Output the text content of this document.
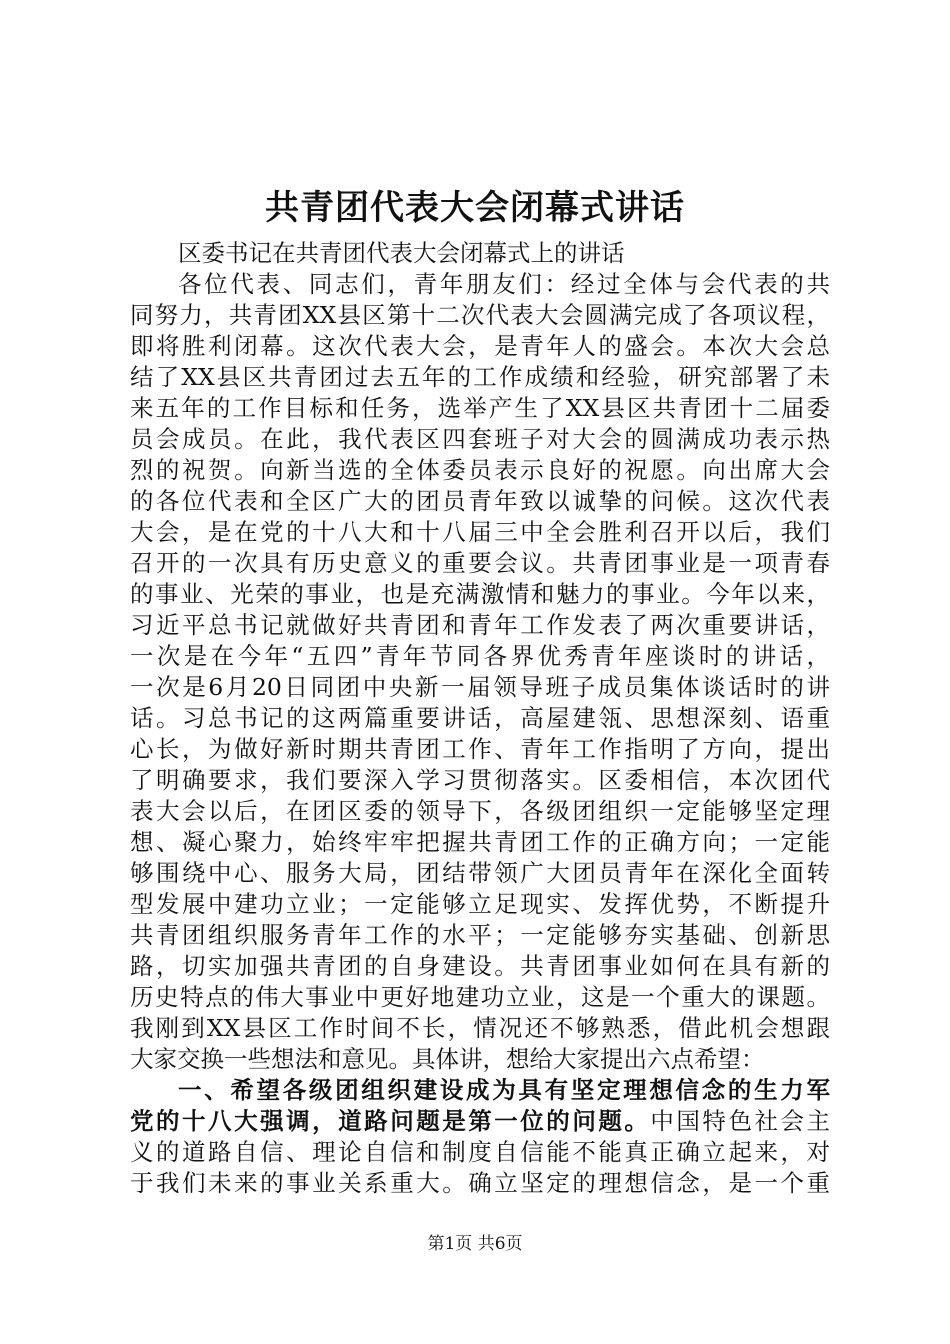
共青团代表大会闭幕式讲话
区委书记在共青团代表大会闭幕式上的讲话
各位代表、同志们，青年朋友们：经过全体与会代表的共
同努力，共青团XX县区第十二次代表大会圆满完成了各项议程，
即将胜利闭幕。这次代表大会，是青年人的盛会。本次大会总
结了XX县区共青团过去五年的工作成绩和经验，研究部署了未
来五年的工作目标和任务，选举产生了XX县区共青团十二届委
员会成员。在此，我代表区四套班子对大会的圆满成功表示热
烈的祝贺。向新当选的全体委员表示良好的祝愿。向出席大会
的各位代表和全区广大的团员青年致以诚挚的问候。这次代表
大会，是在党的十八大和十八届三中全会胜利召开以后，我们
召开的一次具有历史意义的重要会议。共青团事业是一项青春
的事业、光荣的事业，也是充满激情和魅力的事业。今年以来，
习近平总书记就做好共青团和青年工作发表了两次重要讲话，
一次是在今年“五四”青年节同各界优秀青年座谈时的讲话，
一次是6月20日同团中央新一届领导班子成员集体谈话时的讲
话。习总书记的这两篇重要讲话，高屋建瓴、思想深刻、语重
心长，为做好新时期共青团工作、青年工作指明了方向，提出
了明确要求，我们要深入学习贯彻落实。区委相信，本次团代
表大会以后，在团区委的领导下，各级团组织一定能够坚定理
想、凝心聚力，始终牢牢把握共青团工作的正确方向；一定能
够围绕中心、服务大局，团结带领广大团员青年在深化全面转
型发展中建功立业；一定能够立足现实、发挥优势，不断提升
共青团组织服务青年工作的水平；一定能够夯实基础、创新思
路，切实加强共青团的自身建设。共青团事业如何在具有新的
历史特点的伟大事业中更好地建功立业，这是一个重大的课题。
我刚到XX县区工作时间不长，情况还不够熟悉，借此机会想跟
大家交换一些想法和意见。具体讲，想给大家提出六点希望：
一、希望各级团组织建设成为具有坚定理想信念的生力军
党的十八大强调，道路问题是第一位的问题。中国特色社会主
义的道路自信、理论自信和制度自信能不能真正确立起来，对
于我们未来的事业关系重大。确立坚定的理想信念，是一个重
第1页 共6页
